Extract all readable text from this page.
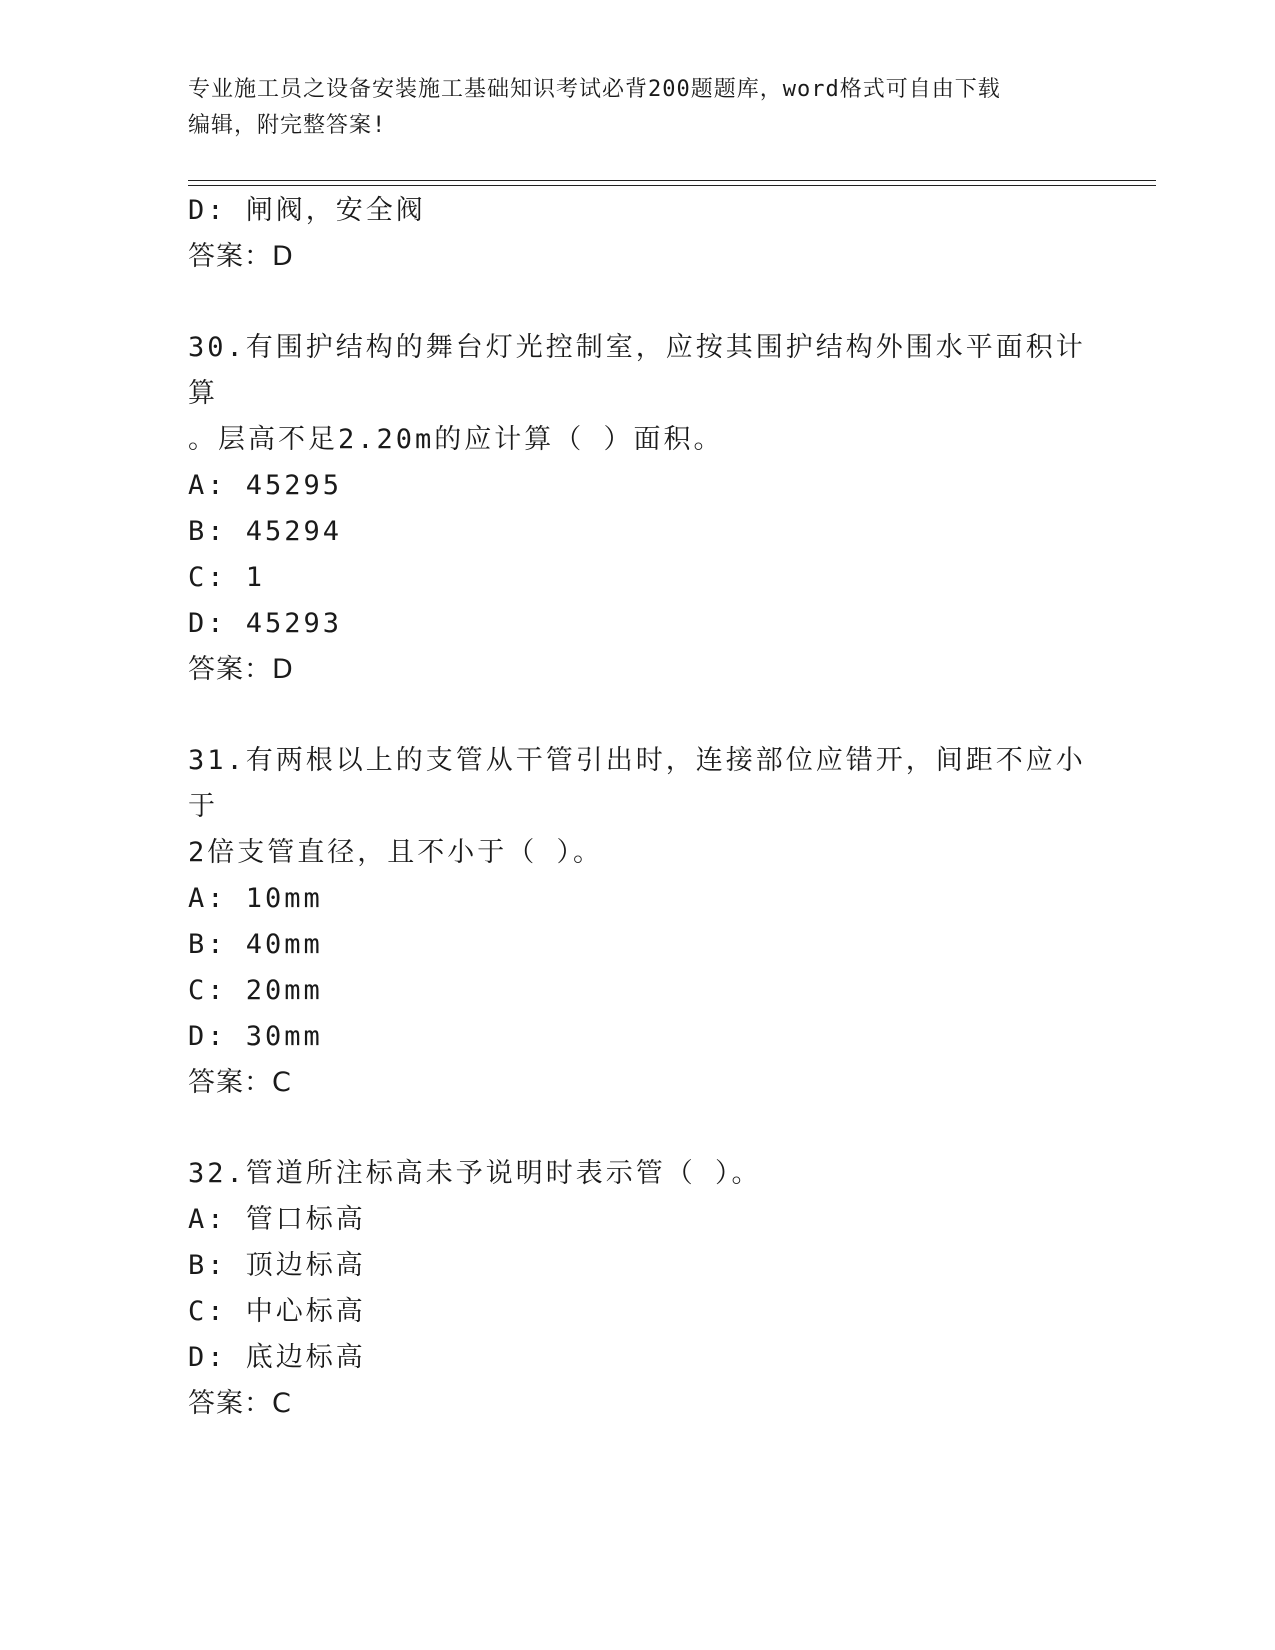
专业施工员之设备安装施工基础知识考试必背200题题库，word格式可自由下载
编辑，附完整答案!
D: 闸阀，安全阀
答案：D
30.有围护结构的舞台灯光控制室，应按其围护结构外围水平面积计算
。层高不足2.20m的应计算（ ）面积。
A: 45295
B: 45294
C: 1
D: 45293
答案：D
31.有两根以上的支管从干管引出时，连接部位应错开，间距不应小于
2倍支管直径，且不小于（ ）。
A: 10mm
B: 40mm
C: 20mm
D: 30mm
答案：C
32.管道所注标高未予说明时表示管（ ）。
A: 管口标高
B: 顶边标高
C: 中心标高
D: 底边标高
答案：C
